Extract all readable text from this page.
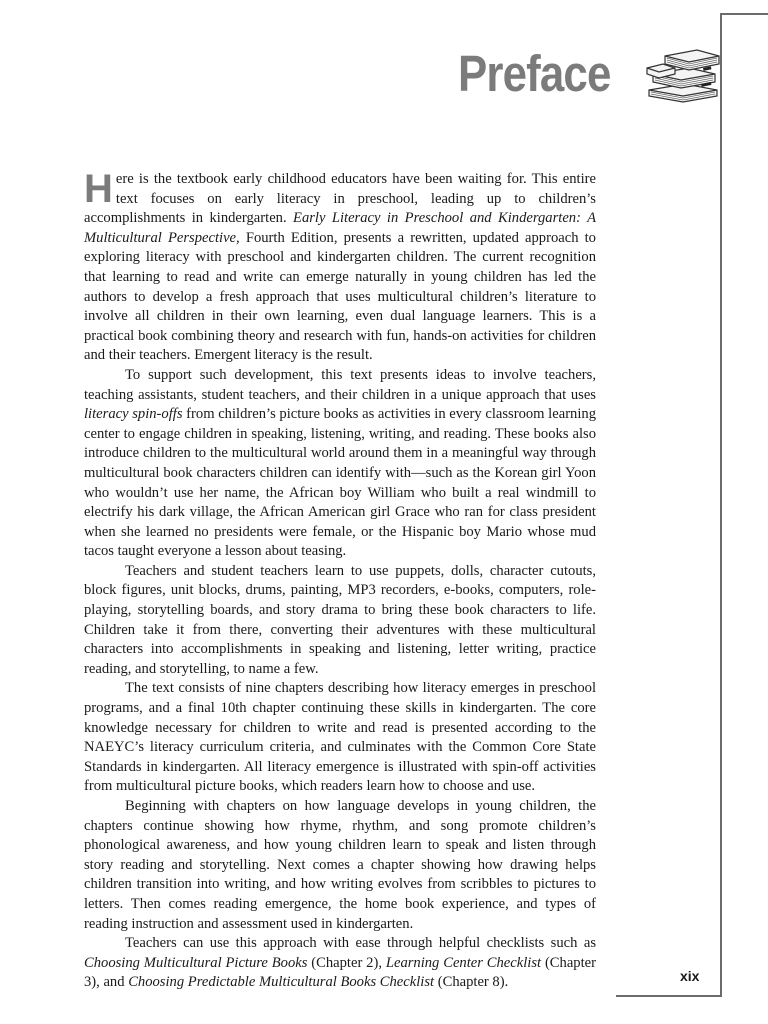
Preface

Here is the textbook early childhood educators have been waiting for. This entire text focuses on early literacy in preschool, leading up to children’s accomplishments in kindergarten. Early Literacy in Preschool and Kindergarten: A Multicultural Perspective, Fourth Edition, presents a rewritten, updated approach to exploring literacy with preschool and kindergarten children. The current recognition that learning to read and write can emerge naturally in young children has led the authors to develop a fresh approach that uses multicultural children’s literature to involve all children in their own learning, even dual language learners. This is a practical book combining theory and research with fun, hands-on activities for children and their teachers. Emergent literacy is the result.

To support such development, this text presents ideas to involve teachers, teaching assistants, student teachers, and their children in a unique approach that uses literacy spin-offs from children’s picture books as activities in every classroom learning center to engage children in speaking, listening, writing, and reading. These books also introduce children to the multicultural world around them in a meaningful way through multicultural book characters children can identify with—such as the Korean girl Yoon who wouldn’t use her name, the African boy William who built a real windmill to electrify his dark village, the African American girl Grace who ran for class president when she learned no presidents were female, or the Hispanic boy Mario whose mud tacos taught everyone a lesson about teasing.

Teachers and student teachers learn to use puppets, dolls, character cutouts, block figures, unit blocks, drums, painting, MP3 recorders, e-books, computers, role-playing, storytelling boards, and story drama to bring these book characters to life. Children take it from there, converting their adventures with these multicultural characters into accomplishments in speaking and listening, letter writing, practice reading, and storytelling, to name a few.

The text consists of nine chapters describing how literacy emerges in preschool programs, and a final 10th chapter continuing these skills in kindergarten. The core knowledge necessary for children to write and read is presented according to the NAEYC’s literacy curriculum criteria, and culminates with the Common Core State Standards in kindergarten. All literacy emergence is illustrated with spin-off activities from multicultural picture books, which readers learn how to choose and use.

Beginning with chapters on how language develops in young children, the chapters continue showing how rhyme, rhythm, and song promote children’s phonological awareness, and how young children learn to speak and listen through story reading and storytelling. Next comes a chapter showing how drawing helps children transition into writing, and how writing evolves from scribbles to pictures to letters. Then comes reading emergence, the home book experience, and types of reading instruction and assessment used in kindergarten.

Teachers can use this approach with ease through helpful checklists such as Choosing Multicultural Picture Books (Chapter 2), Learning Center Checklist (Chapter 3), and Choosing Predictable Multicultural Books Checklist (Chapter 8).	xix
